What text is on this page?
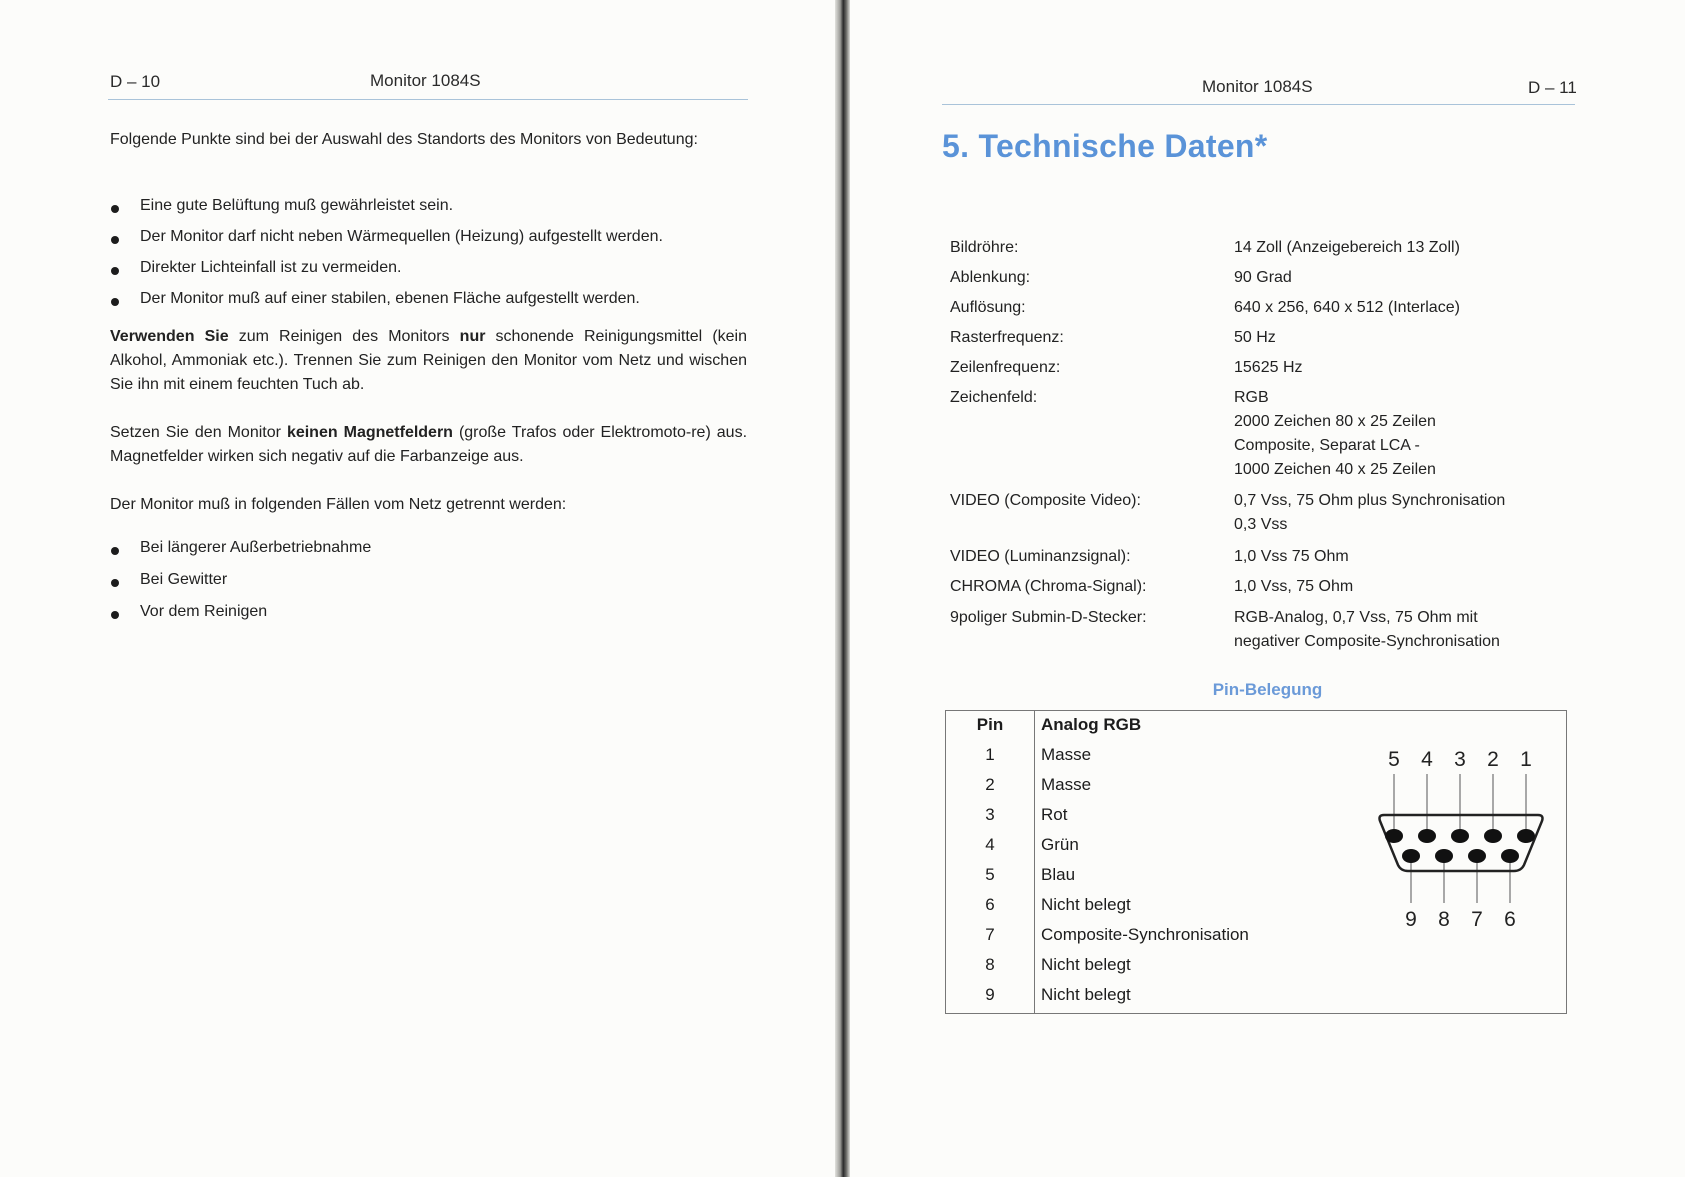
D – 10	Monitor 1084S
Folgende Punkte sind bei der Auswahl des Standorts des Monitors von Bedeutung:
Eine gute Belüftung muß gewährleistet sein.
Der Monitor darf nicht neben Wärmequellen (Heizung) aufgestellt werden.
Direkter Lichteinfall ist zu vermeiden.
Der Monitor muß auf einer stabilen, ebenen Fläche aufgestellt werden.
Verwenden Sie zum Reinigen des Monitors nur schonende Reinigungsmittel (kein Alkohol, Ammoniak etc.). Trennen Sie zum Reinigen den Monitor vom Netz und wischen Sie ihn mit einem feuchten Tuch ab.
Setzen Sie den Monitor keinen Magnetfeldern (große Trafos oder Elektromoto-re) aus. Magnetfelder wirken sich negativ auf die Farbanzeige aus.
Der Monitor muß in folgenden Fällen vom Netz getrennt werden:
Bei längerer Außerbetriebnahme
Bei Gewitter
Vor dem Reinigen
Monitor 1084S	D – 11
5. Technische Daten*
Bildröhre:	14 Zoll (Anzeigebereich 13 Zoll)
Ablenkung:	90 Grad
Auflösung:	640 x 256, 640 x 512 (Interlace)
Rasterfrequenz:	50 Hz
Zeilenfrequenz:	15625 Hz
Zeichenfeld:	RGB
2000 Zeichen 80 x 25 Zeilen
Composite, Separat LCA -
1000 Zeichen 40 x 25 Zeilen
VIDEO (Composite Video):	0,7 Vss, 75 Ohm plus Synchronisation
0,3 Vss
VIDEO (Luminanzsignal):	1,0 Vss 75 Ohm
CHROMA (Chroma-Signal):	1,0 Vss, 75 Ohm
9poliger Submin-D-Stecker:	RGB-Analog, 0,7 Vss, 75 Ohm mit
negativer Composite-Synchronisation
Pin-Belegung
Pin	Analog RGB
1	Masse
2	Masse
3	Rot
4	Grün
5	Blau
6	Nicht belegt
7	Composite-Synchronisation
8	Nicht belegt
9	Nicht belegt
5 4 3 2 1
9 8 7 6
